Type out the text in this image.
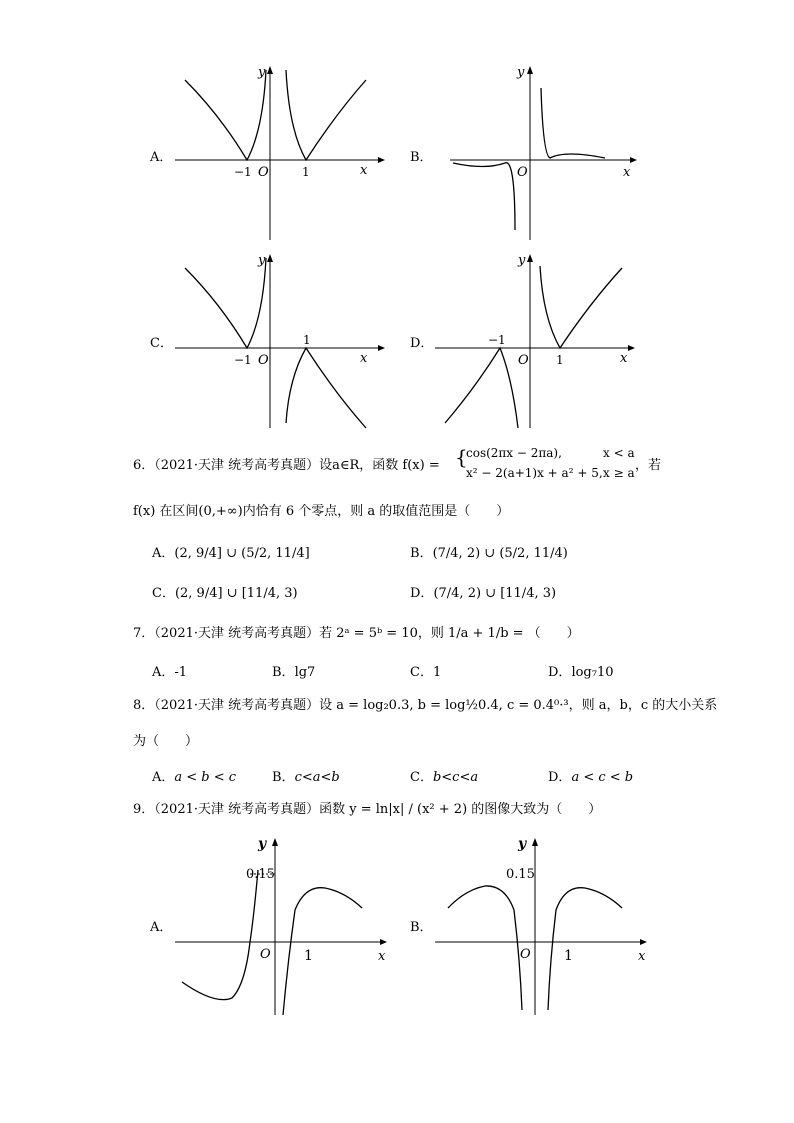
A．
y
x
O
−1	1
B．
y
x
O
C．
y
x
O
−1
1	D．
y
x
O
−1
1
6．（2021·天津 统考高考真题）设a∈R，函数 f(x) = {
cos(2πx − 2πa),	x < a
x² − 2(a+1)x + a² + 5, x ≥ a ，若
f(x) 在区间(0,+∞)内恰有 6 个零点，则 a 的取值范围是（　　）
A．(2, 9/4] ∪ (5/2, 11/4]	B．(7/4, 2) ∪ (5/2, 11/4)
C．(2, 9/4] ∪ [11/4, 3)	D．(7/4, 2) ∪ [11/4, 3)
7．（2021·天津 统考高考真题）若 2ᵃ = 5ᵇ = 10，则 1/a + 1/b = （　　）
A．-1	B．lg7	C．1	D．log₇10
8．（2021·天津 统考高考真题）设 a = log₂0.3, b = log½0.4, c = 0.4⁰·³，则 a，b，c 的大小关系
为（　　）
A．a < b < c	B．c<a<b	C．b<c<a	D．a < c < b
9．（2021·天津 统考高考真题）函数 y = ln|x| / (x² + 2) 的图像大致为（　　）
A．
y
x
O
0.15
1
B．
y
x
O
0.15
1
